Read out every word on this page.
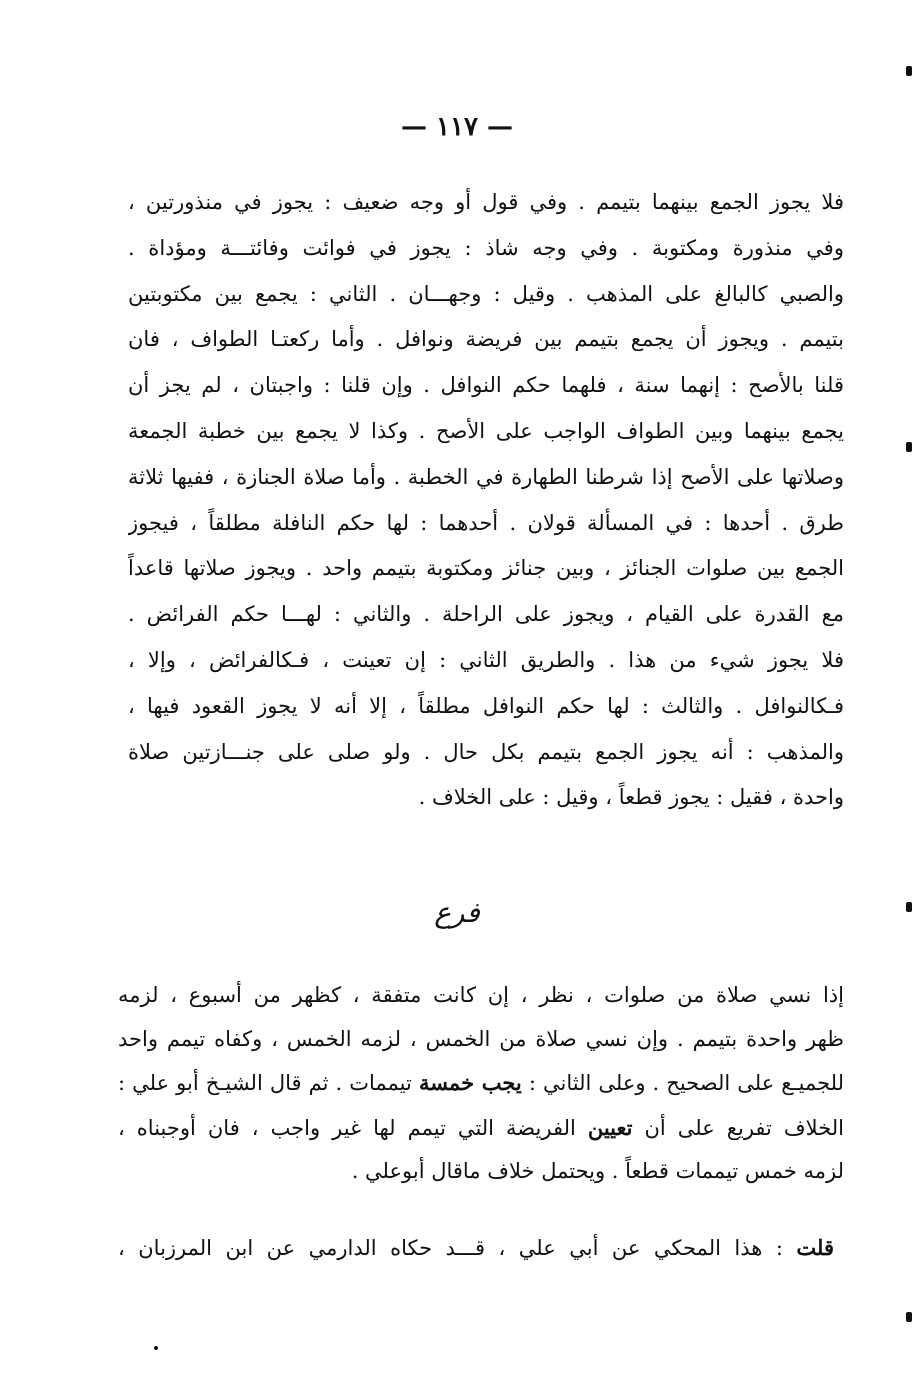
— ١١٧ —
فلا يجوز الجمع بينهما بتيمم . وفي قول أو وجه ضعيف : يجوز في منذورتين ،
وفي منذورة ومكتوبة . وفي وجه شاذ : يجوز في فوائت وفائتـــة ومؤداة .
والصبي كالبالغ على المذهب . وقيل : وجهـــان . الثاني : يجمع بين مكتوبتين
بتيمم . ويجوز أن يجمع بتيمم بين فريضة ونوافل . وأما ركعتـا الطواف ، فان
قلنا بالأصح : إنهما سنة ، فلهما حكم النوافل . وإن قلنا : واجبتان ، لم يجز أن
يجمع بينهما وبين الطواف الواجب على الأصح . وكذا لا يجمع بين خطبة الجمعة
وصلاتها على الأصح إذا شرطنا الطهارة في الخطبة . وأما صلاة الجنازة ، ففيها ثلاثة
طرق . أحدها : في المسألة قولان . أحدهما : لها حكم النافلة مطلقاً ، فيجوز
الجمع بين صلوات الجنائز ، وبين جنائز ومكتوبة بتيمم واحد . ويجوز صلاتها قاعداً
مع القدرة على القيام ، ويجوز على الراحلة . والثاني : لهـــا حكم الفرائض .
فلا يجوز شيء من هذا . والطريق الثاني : إن تعينت ، فـكالفرائض ، وإلا ،
فـكالنوافل . والثالث : لها حكم النوافل مطلقاً ، إلا أنه لا يجوز القعود فيها ،
والمذهب : أنه يجوز الجمع بتيمم بكل حال . ولو صلى على جنـــازتين صلاة
واحدة ، فقيل : يجوز قطعاً ، وقيل : على الخلاف .
فرع
إذا نسي صلاة من صلوات ، نظر ، إن كانت متفقة ، كظهر من أسبوع ، لزمه
ظهر واحدة بتيمم . وإن نسي صلاة من الخمس ، لزمه الخمس ، وكفاه تيمم واحد
للجميـع على الصحيح . وعلى الثاني : يجب خمسة تيممات . ثم قال الشيـخ أبو علي :
الخلاف تفريع على أن تعيين الفريضة التي تيمم لها غير واجب ، فان أوجبناه ،
لزمه خمس تيممات قطعاً . ويحتمل خلاف ماقال أبوعلي .
قلت : هذا المحكي عن أبي علي ، قـــد حكاه الدارمي عن ابن المرزبان ،
